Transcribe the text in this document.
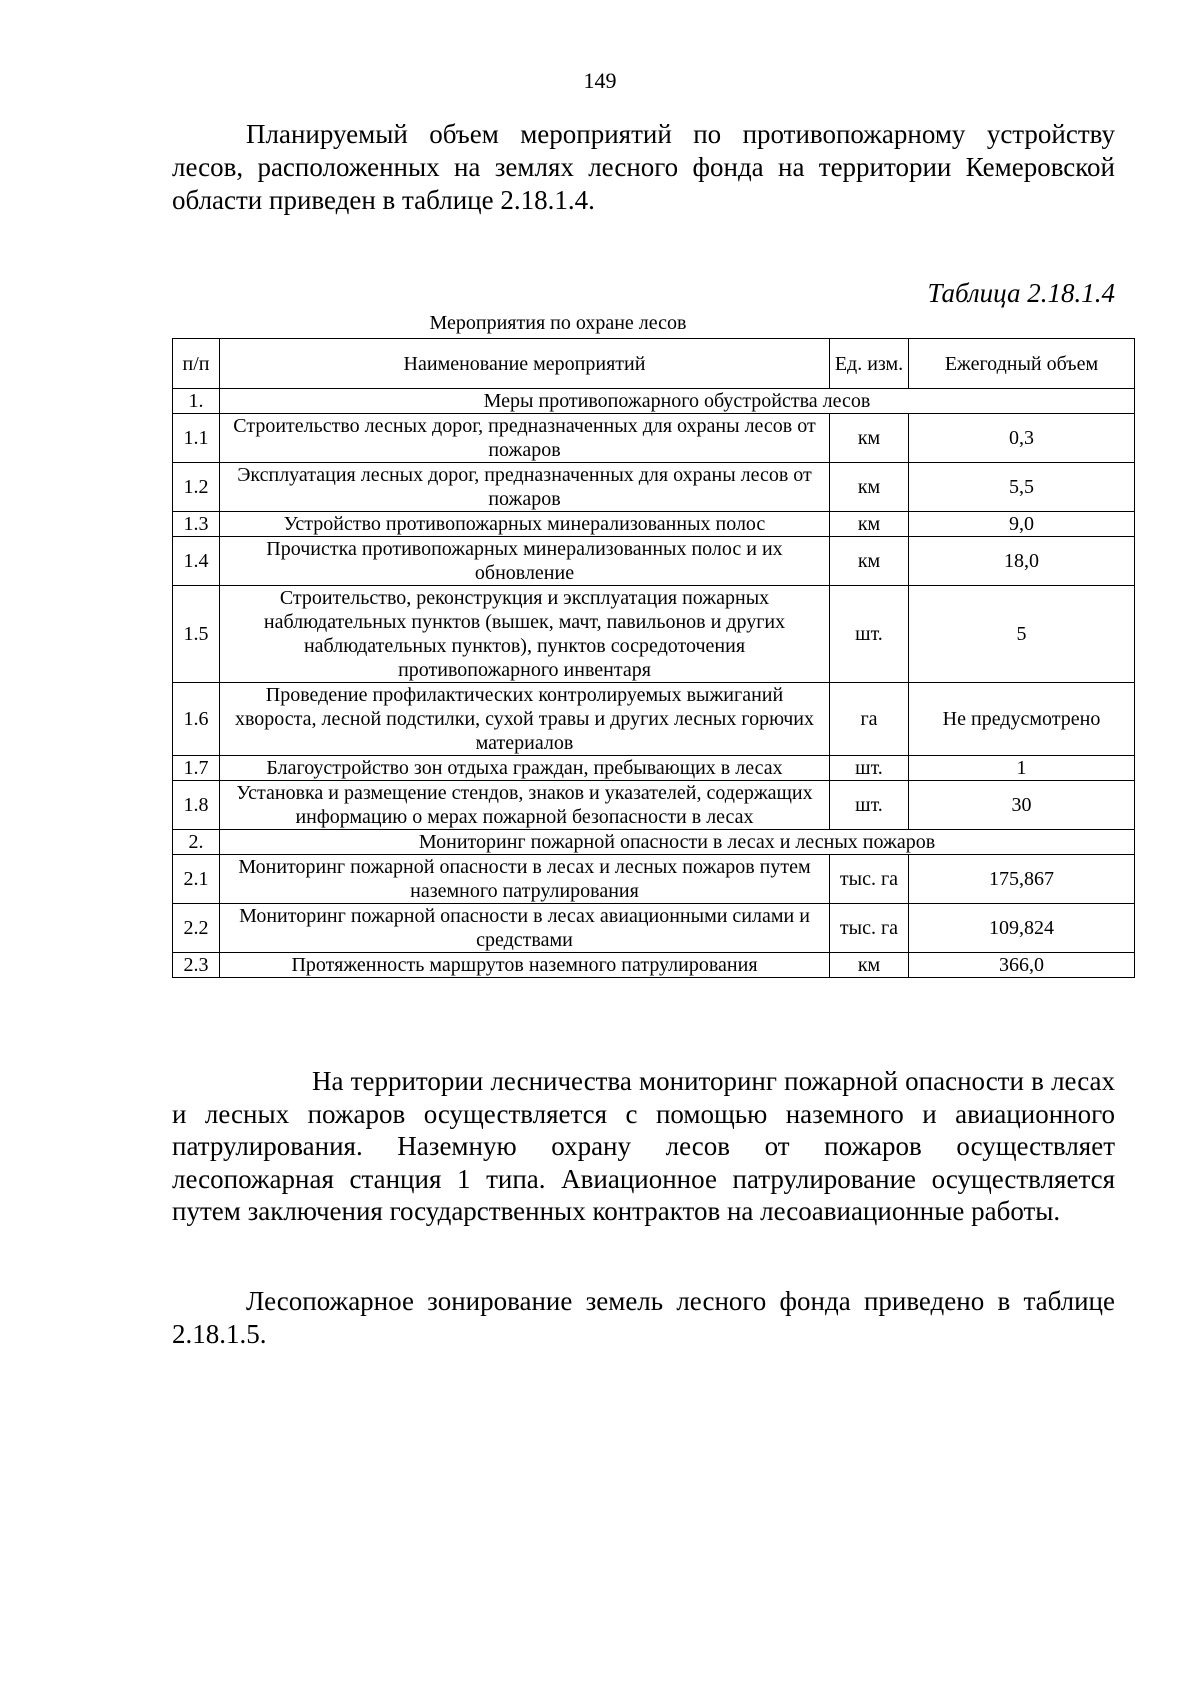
149

Планируемый объем мероприятий по противопожарному устройству лесов, расположенных на землях лесного фонда на территории Кемеровской области приведен в таблице 2.18.1.4.

Таблица 2.18.1.4
Мероприятия по охране лесов
п/п	Наименование мероприятий	Ед. изм.	Ежегодный объем
1.	Меры противопожарного обустройства лесов		
1.1	Строительство лесных дорог, предназначенных для охраны лесов от пожаров	км	0,3
1.2	Эксплуатация лесных дорог, предназначенных для охраны лесов от пожаров	км	5,5
1.3	Устройство противопожарных минерализованных полос	км	9,0
1.4	Прочистка противопожарных минерализованных полос и их обновление	км	18,0
1.5	Строительство, реконструкция и эксплуатация пожарных наблюдательных пунктов (вышек, мачт, павильонов и других наблюдательных пунктов), пунктов сосредоточения противопожарного инвентаря	шт.	5
1.6	Проведение профилактических контролируемых выжиганий хвороста, лесной подстилки, сухой травы и других лесных горючих материалов	га	Не предусмотрено
1.7	Благоустройство зон отдыха граждан, пребывающих в лесах	шт.	1
1.8	Установка и размещение стендов, знаков и указателей, содержащих информацию о мерах пожарной безопасности в лесах	шт.	30
2.	Мониторинг пожарной опасности в лесах и лесных пожаров		
2.1	Мониторинг пожарной опасности в лесах и лесных пожаров путем наземного патрулирования	тыс. га	175,867
2.2	Мониторинг пожарной опасности в лесах авиационными силами и средствами	тыс. га	109,824
2.3	Протяженность маршрутов наземного патрулирования	км	366,0

На территории лесничества мониторинг пожарной опасности в лесах и лесных пожаров осуществляется с помощью наземного и авиационного патрулирования. Наземную охрану лесов от пожаров осуществляет лесопожарная станция 1 типа. Авиационное патрулирование осуществляется путем заключения государственных контрактов на лесоавиационные работы.

Лесопожарное зонирование земель лесного фонда приведено в таблице 2.18.1.5.
